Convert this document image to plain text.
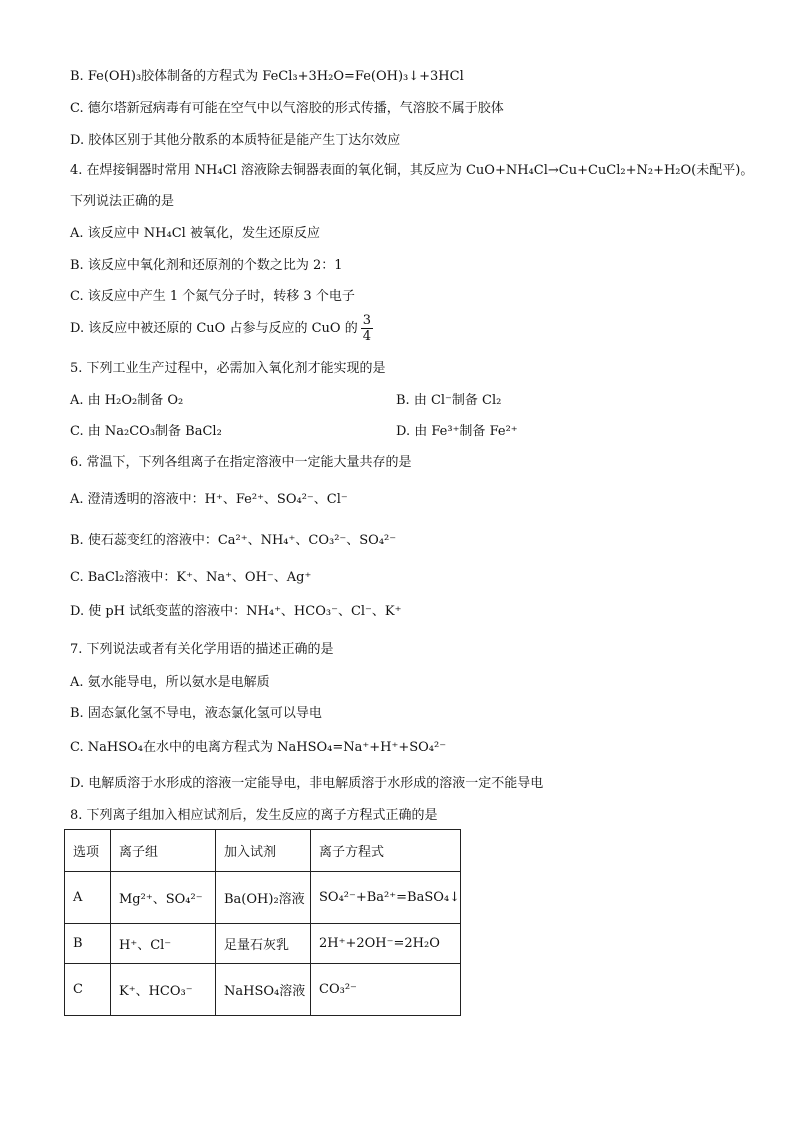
B. Fe(OH)₃胶体制备的方程式为 FeCl₃+3H₂O=Fe(OH)₃↓+3HCl
C. 德尔塔新冠病毒有可能在空气中以气溶胶的形式传播，气溶胶不属于胶体
D. 胶体区别于其他分散系的本质特征是能产生丁达尔效应
4. 在焊接铜器时常用 NH₄Cl 溶液除去铜器表面的氧化铜，其反应为 CuO+NH₄Cl→Cu+CuCl₂+N₂+H₂O(未配平)。
下列说法正确的是
A. 该反应中 NH₄Cl 被氧化，发生还原反应
B. 该反应中氧化剂和还原剂的个数之比为 2：1
C. 该反应中产生 1 个氮气分子时，转移 3 个电子
D. 该反应中被还原的 CuO 占参与反应的 CuO 的 $\frac{3}{4}$
5. 下列工业生产过程中，必需加入氧化剂才能实现的是
A. 由 H₂O₂制备 O₂	B. 由 Cl⁻制备 Cl₂
C. 由 Na₂CO₃制备 BaCl₂	D. 由 Fe³⁺制备 Fe²⁺
6. 常温下，下列各组离子在指定溶液中一定能大量共存的是
A. 澄清透明的溶液中：H⁺、Fe²⁺、SO₄²⁻、Cl⁻
B. 使石蕊变红的溶液中：Ca²⁺、NH₄⁺、CO₃²⁻、SO₄²⁻
C. BaCl₂溶液中：K⁺、Na⁺、OH⁻、Ag⁺
D. 使 pH 试纸变蓝的溶液中：NH₄⁺、HCO₃⁻、Cl⁻、K⁺
7. 下列说法或者有关化学用语的描述正确的是
A. 氨水能导电，所以氨水是电解质
B. 固态氯化氢不导电，液态氯化氢可以导电
C. NaHSO₄在水中的电离方程式为 NaHSO₄=Na⁺+H⁺+SO₄²⁻
D. 电解质溶于水形成的溶液一定能导电，非电解质溶于水形成的溶液一定不能导电
8. 下列离子组加入相应试剂后，发生反应的离子方程式正确的是
选项	离子组	加入试剂	离子方程式
A	Mg²⁺、SO₄²⁻	Ba(OH)₂溶液	SO₄²⁻+Ba²⁺=BaSO₄↓
B	H⁺、Cl⁻	足量石灰乳	2H⁺+2OH⁻=2H₂O
C	K⁺、HCO₃⁻	NaHSO₄溶液	CO₃²⁻
